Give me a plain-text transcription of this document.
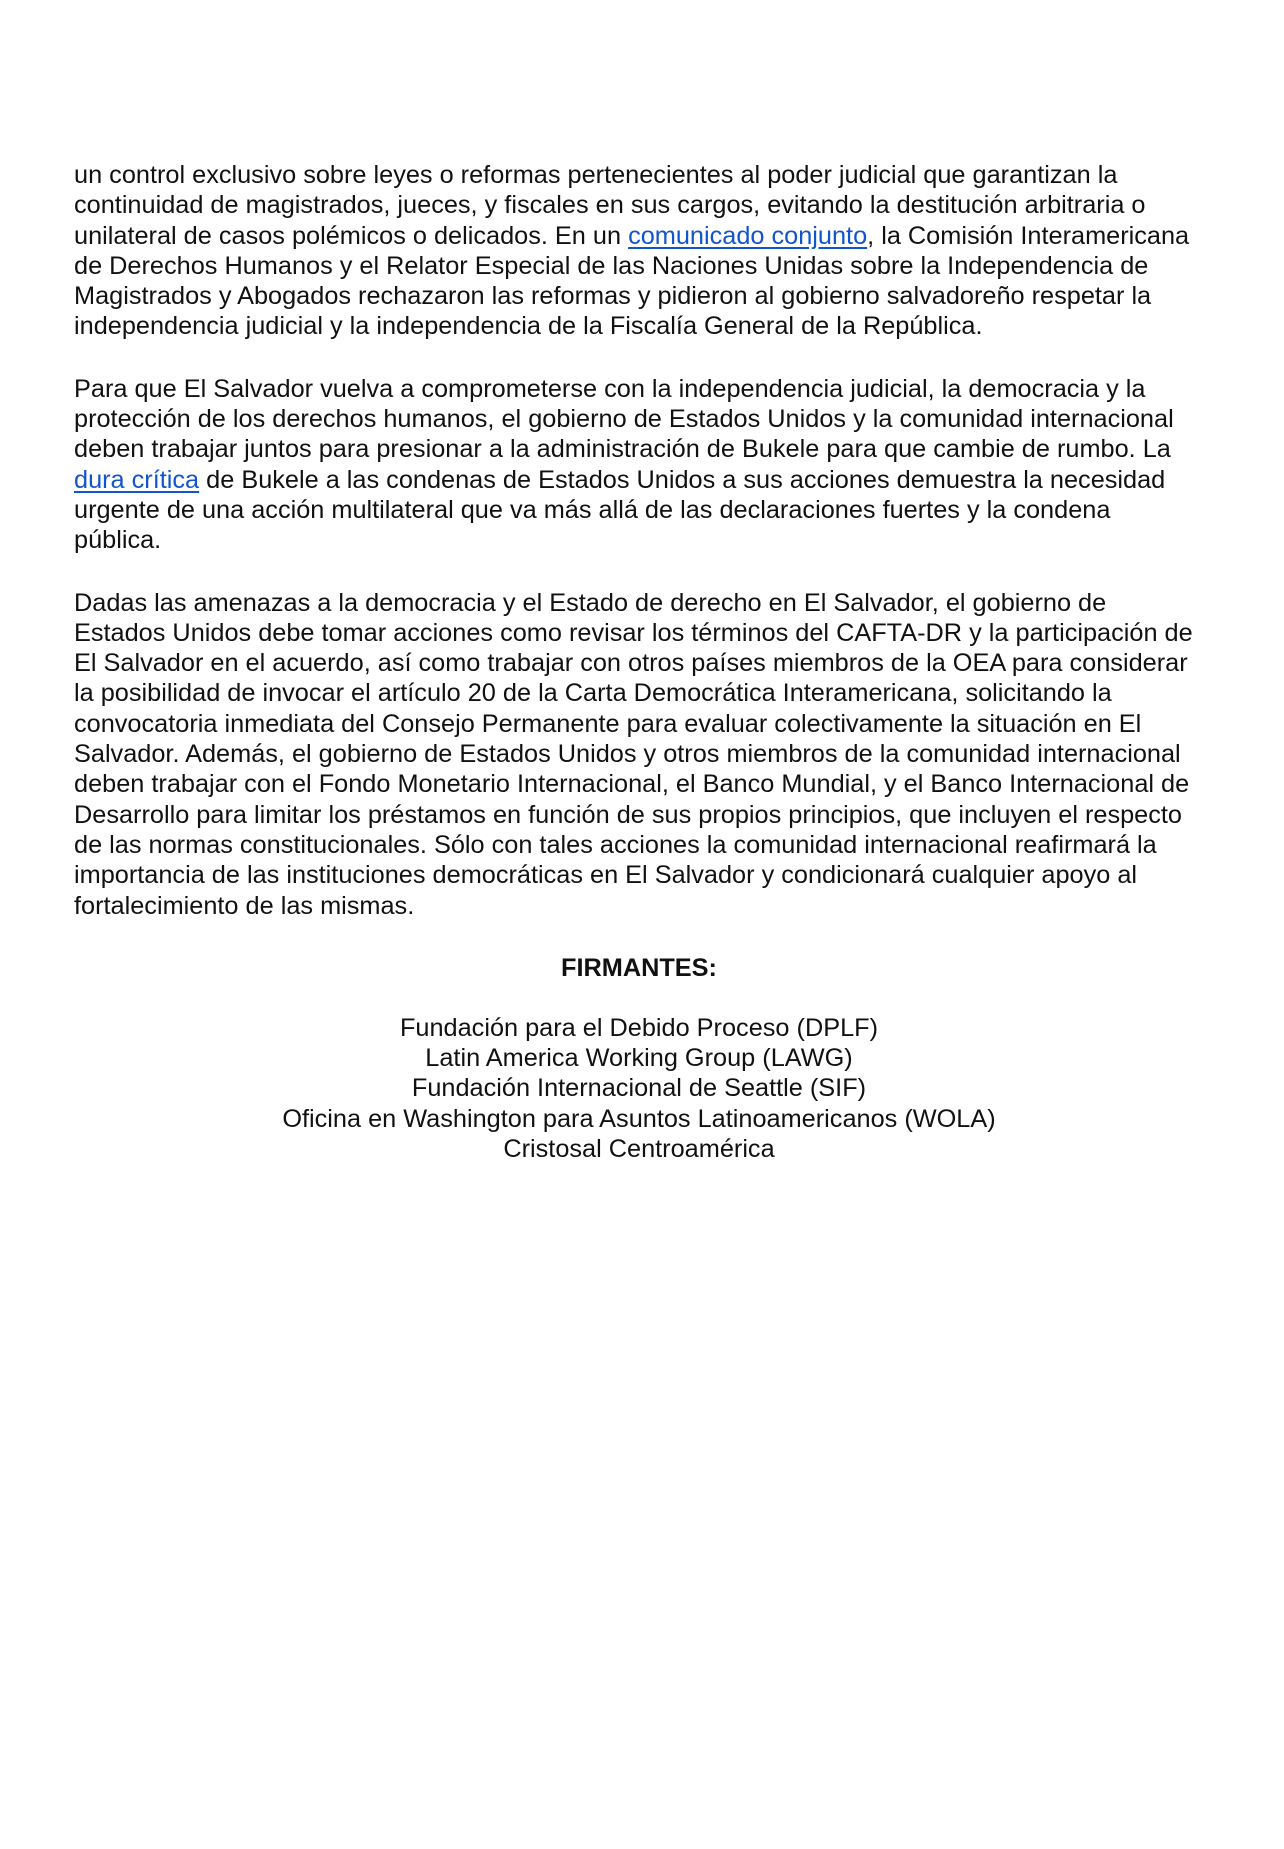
un control exclusivo sobre leyes o reformas pertenecientes al poder judicial que garantizan la continuidad de magistrados, jueces, y fiscales en sus cargos, evitando la destitución arbitraria o unilateral de casos polémicos o delicados. En un comunicado conjunto, la Comisión Interamericana de Derechos Humanos y el Relator Especial de las Naciones Unidas sobre la Independencia de Magistrados y Abogados rechazaron las reformas y pidieron al gobierno salvadoreño respetar la independencia judicial y la independencia de la Fiscalía General de la República.

Para que El Salvador vuelva a comprometerse con la independencia judicial, la democracia y la protección de los derechos humanos, el gobierno de Estados Unidos y la comunidad internacional deben trabajar juntos para presionar a la administración de Bukele para que cambie de rumbo. La dura crítica de Bukele a las condenas de Estados Unidos a sus acciones demuestra la necesidad urgente de una acción multilateral que va más allá de las declaraciones fuertes y la condena pública.

Dadas las amenazas a la democracia y el Estado de derecho en El Salvador, el gobierno de Estados Unidos debe tomar acciones como revisar los términos del CAFTA-DR y la participación de El Salvador en el acuerdo, así como trabajar con otros países miembros de la OEA para considerar la posibilidad de invocar el artículo 20 de la Carta Democrática Interamericana, solicitando la convocatoria inmediata del Consejo Permanente para evaluar colectivamente la situación en El Salvador. Además, el gobierno de Estados Unidos y otros miembros de la comunidad internacional deben trabajar con el Fondo Monetario Internacional, el Banco Mundial, y el Banco Internacional de Desarrollo para limitar los préstamos en función de sus propios principios, que incluyen el respecto de las normas constitucionales. Sólo con tales acciones la comunidad internacional reafirmará la importancia de las instituciones democráticas en El Salvador y condicionará cualquier apoyo al fortalecimiento de las mismas.

FIRMANTES:
Fundación para el Debido Proceso (DPLF)
Latin America Working Group (LAWG)
Fundación Internacional de Seattle (SIF)
Oficina en Washington para Asuntos Latinoamericanos (WOLA)
Cristosal Centroamérica
